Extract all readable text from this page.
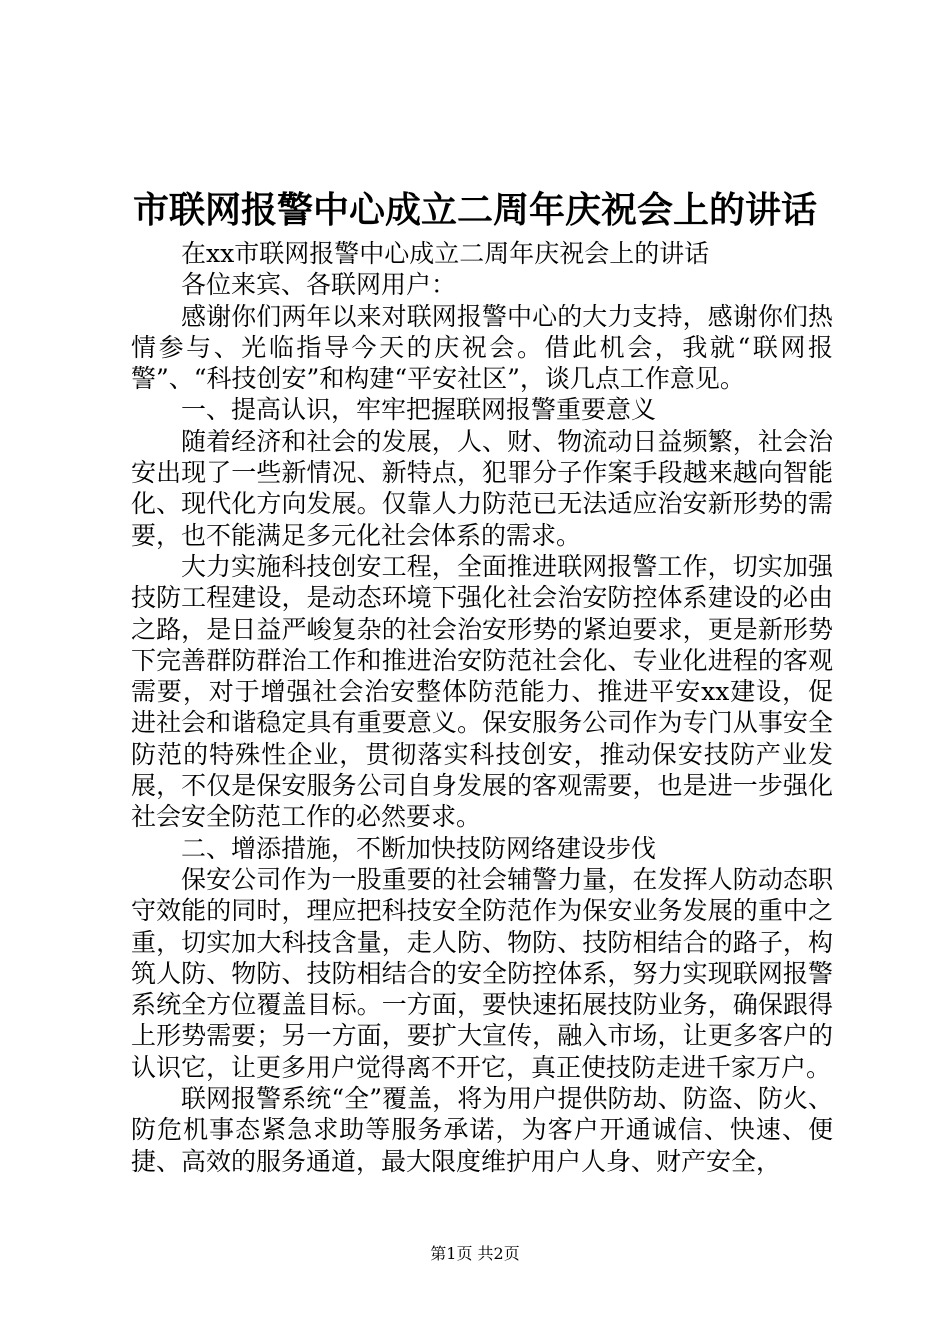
市联网报警中心成立二周年庆祝会上的讲话

在xx市联网报警中心成立二周年庆祝会上的讲话

各位来宾、各联网用户：

感谢你们两年以来对联网报警中心的大力支持，感谢你们热情参与、光临指导今天的庆祝会。借此机会，我就“联网报警”、“科技创安”和构建“平安社区”，谈几点工作意见。

一、提高认识，牢牢把握联网报警重要意义

随着经济和社会的发展，人、财、物流动日益频繁，社会治安出现了一些新情况、新特点，犯罪分子作案手段越来越向智能化、现代化方向发展。仅靠人力防范已无法适应治安新形势的需要，也不能满足多元化社会体系的需求。

大力实施科技创安工程，全面推进联网报警工作，切实加强技防工程建设，是动态环境下强化社会治安防控体系建设的必由之路，是日益严峻复杂的社会治安形势的紧迫要求，更是新形势下完善群防群治工作和推进治安防范社会化、专业化进程的客观需要，对于增强社会治安整体防范能力、推进平安xx建设，促进社会和谐稳定具有重要意义。保安服务公司作为专门从事安全防范的特殊性企业，贯彻落实科技创安，推动保安技防产业发展，不仅是保安服务公司自身发展的客观需要，也是进一步强化社会安全防范工作的必然要求。

二、增添措施，不断加快技防网络建设步伐

保安公司作为一股重要的社会辅警力量，在发挥人防动态职守效能的同时，理应把科技安全防范作为保安业务发展的重中之重，切实加大科技含量，走人防、物防、技防相结合的路子，构筑人防、物防、技防相结合的安全防控体系，努力实现联网报警系统全方位覆盖目标。一方面，要快速拓展技防业务，确保跟得上形势需要；另一方面，要扩大宣传，融入市场，让更多客户的认识它，让更多用户觉得离不开它，真正使技防走进千家万户。

联网报警系统“全”覆盖，将为用户提供防劫、防盗、防火、防危机事态紧急求助等服务承诺，为客户开通诚信、快速、便捷、高效的服务通道，最大限度维护用户人身、财产安全，

第1页 共2页
